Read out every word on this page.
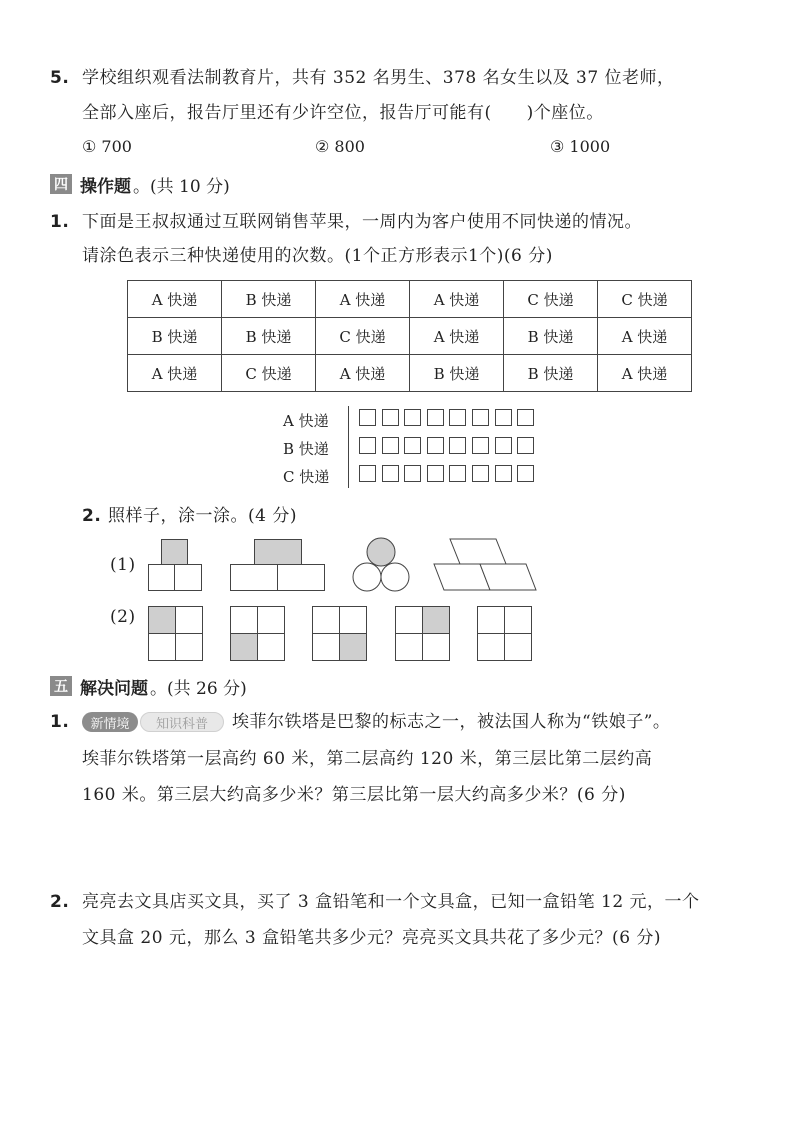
5. 学校组织观看法制教育片，共有 352 名男生、378 名女生以及 37 位老师，
全部入座后，报告厅里还有少许空位，报告厅可能有(　　)个座位。
① 700	② 800	③ 1000
四 操作题 。(共 10 分)
1. 下面是王叔叔通过互联网销售苹果，一周内为客户使用不同快递的情况。
请涂色表示三种快递使用的次数。(1个正方形表示1个)(6 分)
A 快递	B 快递	A 快递	A 快递	C 快递	C 快递
B 快递	B 快递	C 快递	A 快递	B 快递	A 快递
A 快递	C 快递	A 快递	B 快递	B 快递	A 快递
A 快递
B 快递
C 快递
2. 照样子，涂一涂。(4 分)
(1)
(2)
五 解决问题 。(共 26 分)
1.	新情境	知识科普	埃菲尔铁塔是巴黎的标志之一，被法国人称为“铁娘子”。
埃菲尔铁塔第一层高约 60 米，第二层高约 120 米，第三层比第二层约高
160 米。第三层大约高多少米？第三层比第一层大约高多少米？(6 分)
2. 亮亮去文具店买文具，买了 3 盒铅笔和一个文具盒，已知一盒铅笔 12 元，一个
文具盒 20 元，那么 3 盒铅笔共多少元？亮亮买文具共花了多少元？(6 分)
